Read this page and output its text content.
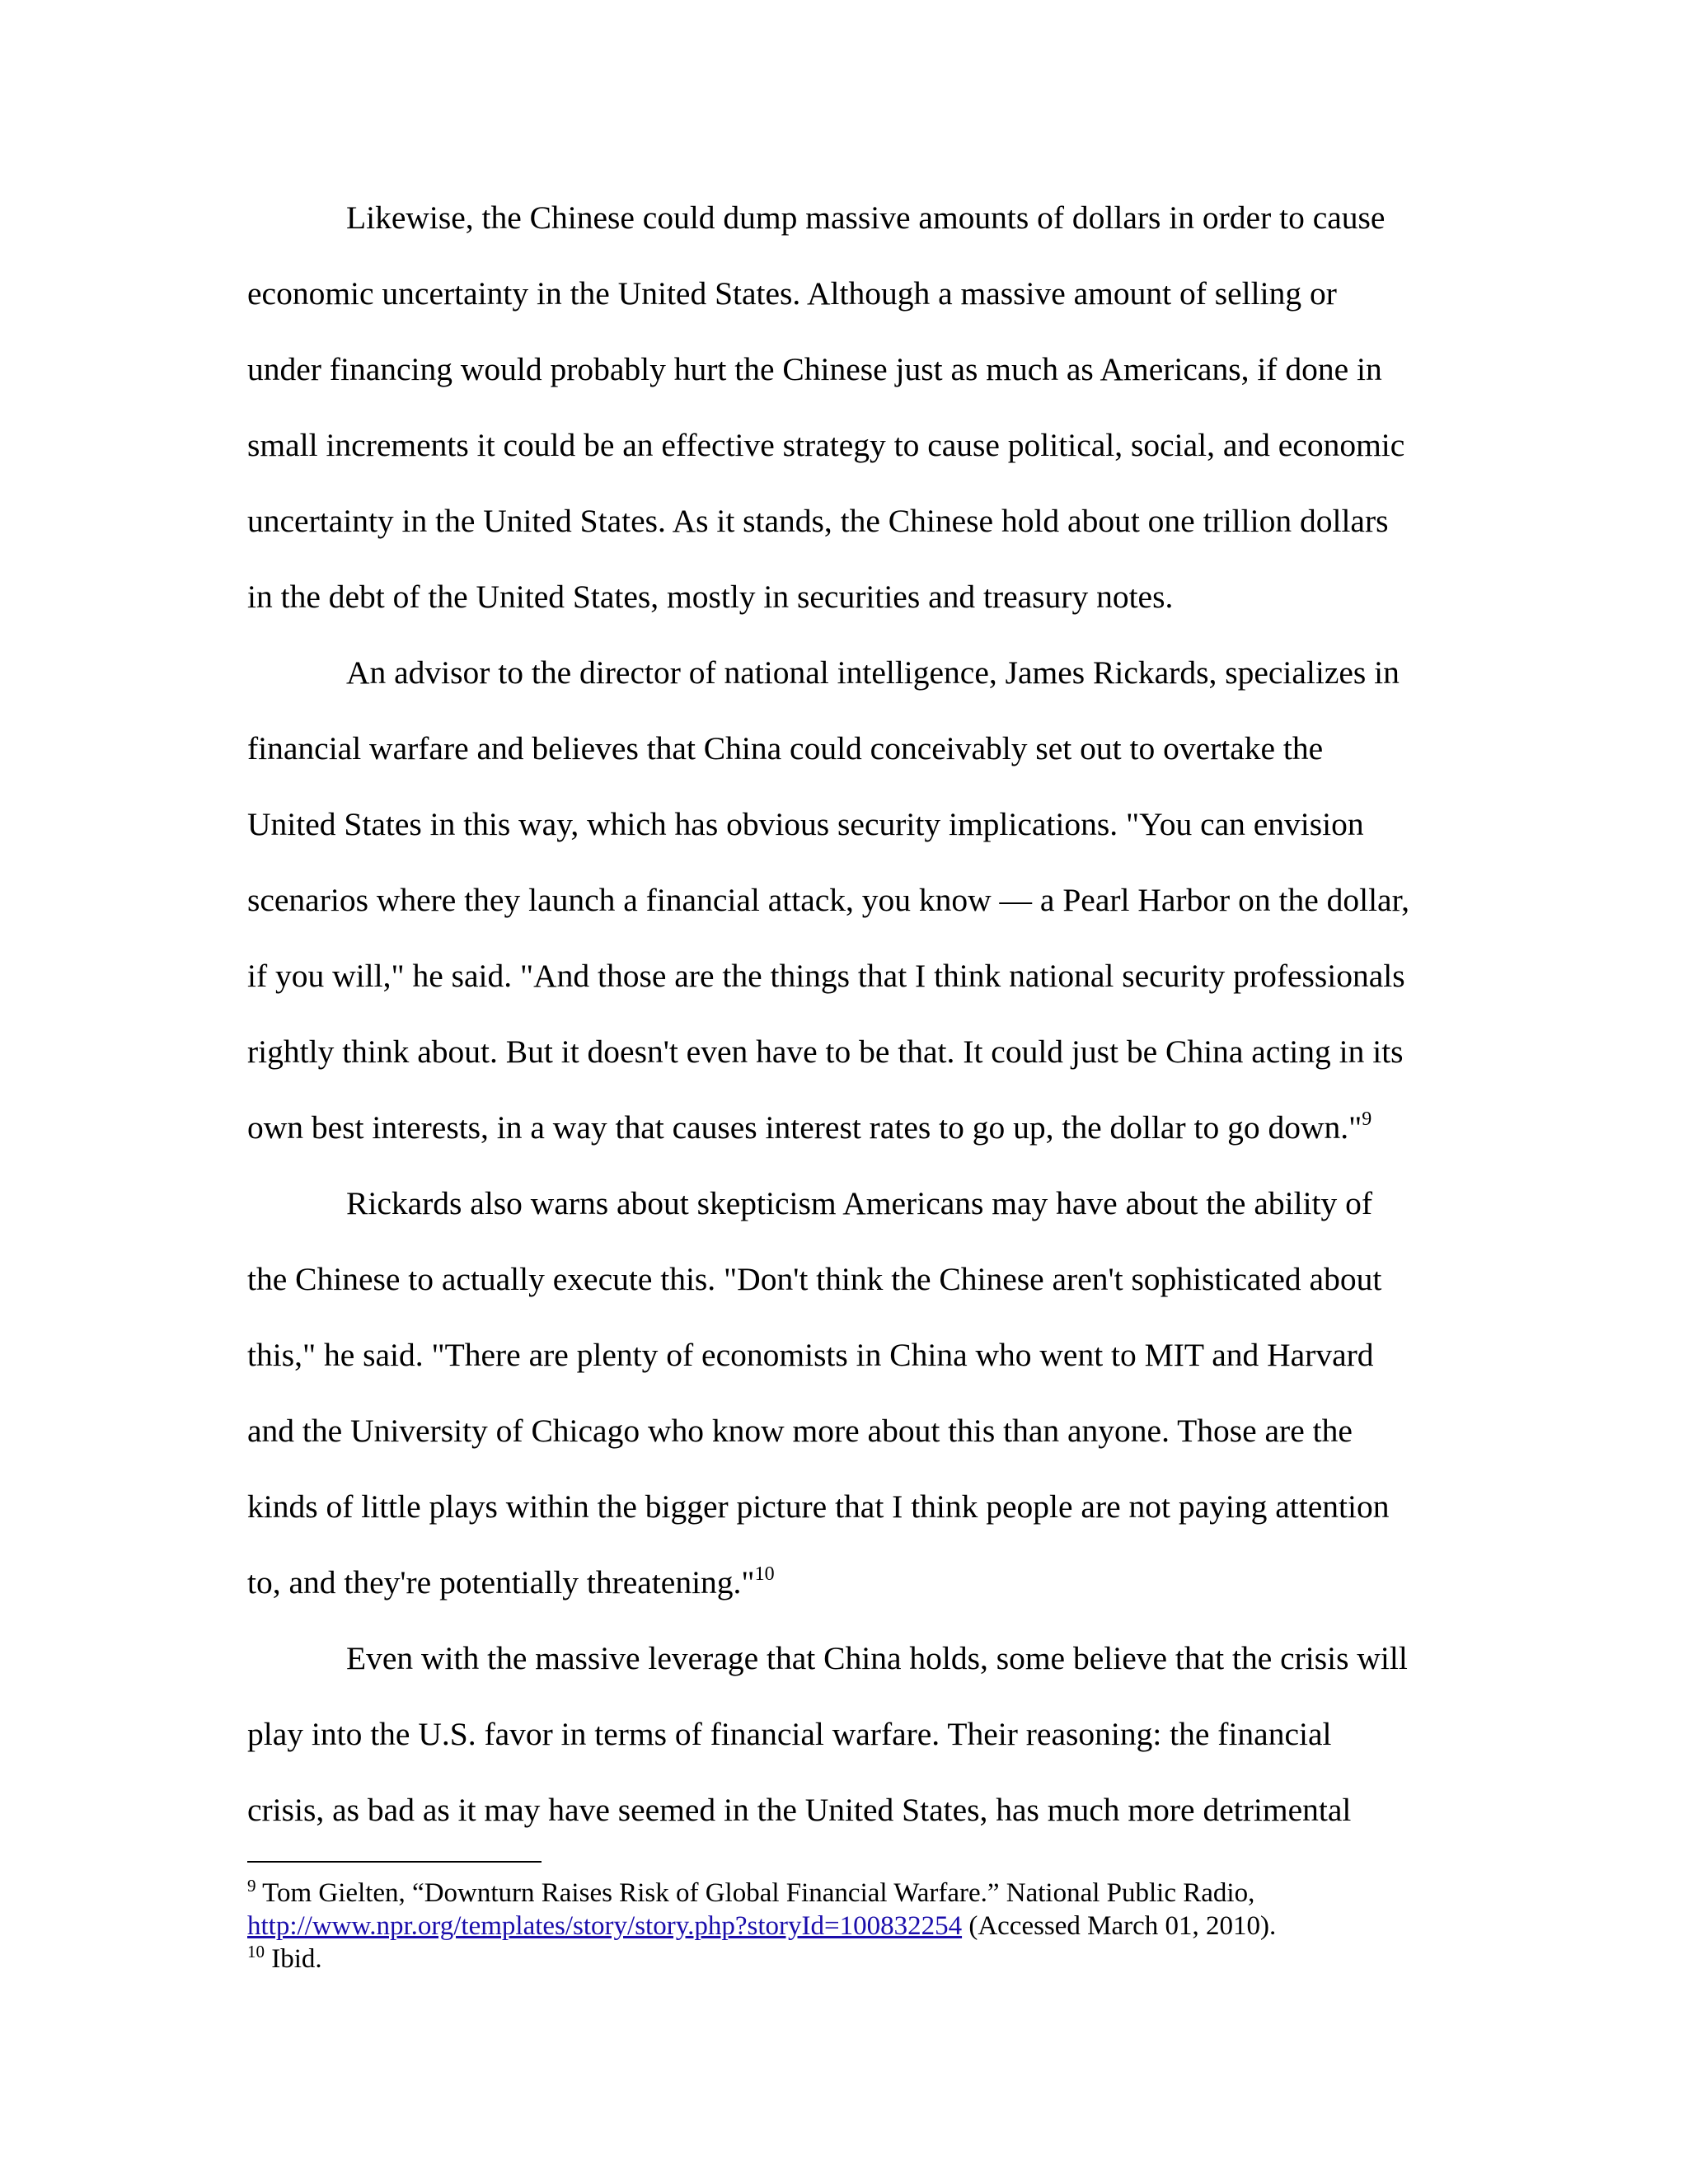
Likewise, the Chinese could dump massive amounts of dollars in order to cause
economic uncertainty in the United States. Although a massive amount of selling or
under financing would probably hurt the Chinese just as much as Americans, if done in
small increments it could be an effective strategy to cause political, social, and economic
uncertainty in the United States. As it stands, the Chinese hold about one trillion dollars
in the debt of the United States, mostly in securities and treasury notes.
An advisor to the director of national intelligence, James Rickards, specializes in
financial warfare and believes that China could conceivably set out to overtake the
United States in this way, which has obvious security implications. "You can envision
scenarios where they launch a financial attack, you know — a Pearl Harbor on the dollar,
if you will," he said. "And those are the things that I think national security professionals
rightly think about. But it doesn't even have to be that. It could just be China acting in its
own best interests, in a way that causes interest rates to go up, the dollar to go down."$^9$
Rickards also warns about skepticism Americans may have about the ability of
the Chinese to actually execute this. "Don't think the Chinese aren't sophisticated about
this," he said. "There are plenty of economists in China who went to MIT and Harvard
and the University of Chicago who know more about this than anyone. Those are the
kinds of little plays within the bigger picture that I think people are not paying attention
to, and they're potentially threatening."$^{10}$
Even with the massive leverage that China holds, some believe that the crisis will
play into the U.S. favor in terms of financial warfare. Their reasoning: the financial
crisis, as bad as it may have seemed in the United States, has much more detrimental
$^9$ Tom Gielten, “Downturn Raises Risk of Global Financial Warfare.” National Public Radio,
http://www.npr.org/templates/story/story.php?storyId=100832254 (Accessed March 01, 2010).
$^{10}$ Ibid.
